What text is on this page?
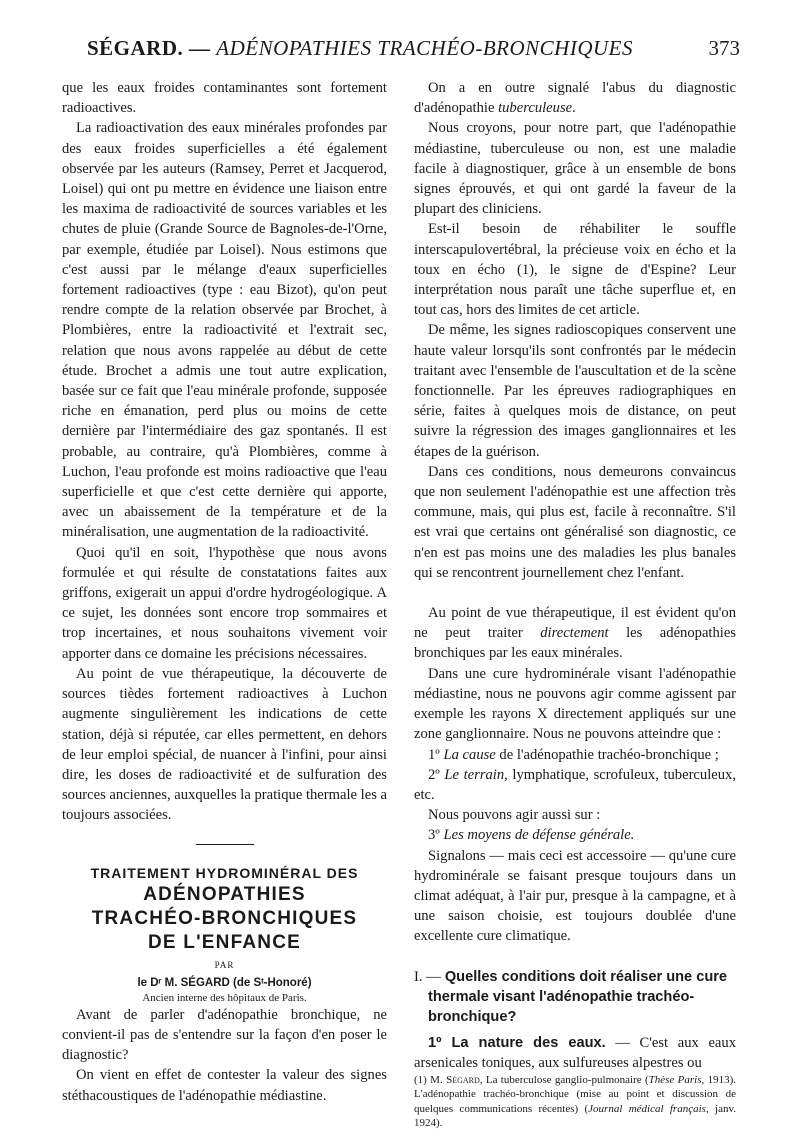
SÉGARD. — ADÉNOPATHIES TRACHÉO-BRONCHIQUES	373

que les eaux froides contaminantes sont fortement radioactives.

La radioactivation des eaux minérales profondes par des eaux froides superficielles a été également observée par les auteurs (Ramsey, Perret et Jacquerod, Loisel) qui ont pu mettre en évidence une liaison entre les maxima de radioactivité de sources variables et les chutes de pluie (Grande Source de Bagnoles-de-l'Orne, par exemple, étudiée par Loisel). Nous estimons que c'est aussi par le mélange d'eaux superficielles fortement radioactives (type : eau Bizot), qu'on peut rendre compte de la relation observée par Brochet, à Plombières, entre la radioactivité et l'extrait sec, relation que nous avons rappelée au début de cette étude. Brochet a admis une tout autre explication, basée sur ce fait que l'eau minérale profonde, supposée riche en émanation, perd plus ou moins de cette dernière par l'intermédiaire des gaz spontanés. Il est probable, au contraire, qu'à Plombières, comme à Luchon, l'eau profonde est moins radioactive que l'eau superficielle et que c'est cette dernière qui apporte, avec un abaissement de la température et de la minéralisation, une augmentation de la radioactivité.

Quoi qu'il en soit, l'hypothèse que nous avons formulée et qui résulte de constatations faites aux griffons, exigerait un appui d'ordre hydrogéologique. A ce sujet, les données sont encore trop sommaires et trop incertaines, et nous souhaitons vivement voir apporter dans ce domaine les précisions nécessaires.

Au point de vue thérapeutique, la découverte de sources tièdes fortement radioactives à Luchon augmente singulièrement les indications de cette station, déjà si réputée, car elles permettent, en dehors de leur emploi spécial, de nuancer à l'infini, pour ainsi dire, les doses de radioactivité et de sulfuration des sources anciennes, auxquelles la pratique thermale les a toujours associées.

TRAITEMENT HYDROMINÉRAL DES

ADÉNOPATHIES

TRACHÉO-BRONCHIQUES

DE L'ENFANCE

PAR

le Dʳ M. SÉGARD (de Sᵗ-Honoré)

Ancien interne des hôpitaux de Paris.

Avant de parler d'adénopathie bronchique, ne convient-il pas de s'entendre sur la façon d'en poser le diagnostic?

On vient en effet de contester la valeur des signes stéthacoustiques de l'adénopathie médiastine.

On a en outre signalé l'abus du diagnostic d'adénopathie tuberculeuse.

Nous croyons, pour notre part, que l'adénopathie médiastine, tuberculeuse ou non, est une maladie facile à diagnostiquer, grâce à un ensemble de bons signes éprouvés, et qui ont gardé la faveur de la plupart des cliniciens.

Est-il besoin de réhabiliter le souffle interscapulovertébral, la précieuse voix en écho et la toux en écho (1), le signe de d'Espine? Leur interprétation nous paraît une tâche superflue et, en tout cas, hors des limites de cet article.

De même, les signes radioscopiques conservent une haute valeur lorsqu'ils sont confrontés par le médecin traitant avec l'ensemble de l'auscultation et de la scène fonctionnelle. Par les épreuves radiographiques en série, faites à quelques mois de distance, on peut suivre la régression des images ganglionnaires et les étapes de la guérison.

Dans ces conditions, nous demeurons convaincus que non seulement l'adénopathie est une affection très commune, mais, qui plus est, facile à reconnaître. S'il est vrai que certains ont généralisé son diagnostic, ce n'en est pas moins une des maladies les plus banales qui se rencontrent journellement chez l'enfant.

Au point de vue thérapeutique, il est évident qu'on ne peut traiter directement les adénopathies bronchiques par les eaux minérales.

Dans une cure hydrominérale visant l'adénopathie médiastine, nous ne pouvons agir comme agissent par exemple les rayons X directement appliqués sur une zone ganglionnaire. Nous ne pouvons atteindre que :

1º La cause de l'adénopathie trachéo-bronchique ;

2º Le terrain, lymphatique, scrofuleux, tuberculeux, etc.

Nous pouvons agir aussi sur :

3º Les moyens de défense générale.

Signalons — mais ceci est accessoire — qu'une cure hydrominérale se faisant presque toujours dans un climat adéquat, à l'air pur, presque à la campagne, et à une saison choisie, est toujours doublée d'une excellente cure climatique.

I. — Quelles conditions doit réaliser une cure thermale visant l'adénopathie trachéo-bronchique?

1º La nature des eaux. — C'est aux eaux arsenicales toniques, aux sulfureuses alpestres ou

(1) M. Ségard, La tuberculose ganglio-pulmonaire (Thèse Paris, 1913). L'adénopathie trachéo-bronchique (mise au point et discussion de quelques communications récentes) (Journal médical français, janv. 1924).
